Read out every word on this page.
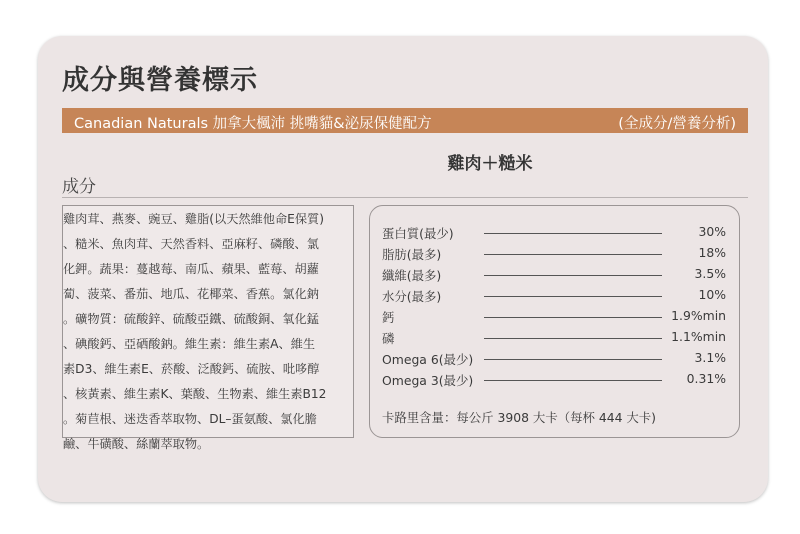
成分與營養標示
Canadian Naturals 加拿大楓沛 挑嘴貓&泌尿保健配方	(全成分/營養分析)
雞肉＋糙米
成分
雞肉茸、燕麥、豌豆、雞脂(以天然維他命E保質)
、糙米、魚肉茸、天然香料、亞麻籽、磷酸、氯
化鉀。蔬果：蔓越莓、南瓜、蘋果、藍莓、胡蘿
蔔、菠菜、番茄、地瓜、花椰菜、香蕉。氯化鈉
。礦物質：硫酸鋅、硫酸亞鐵、硫酸銅、氧化錳
、碘酸鈣、亞硒酸鈉。維生素：維生素A、維生
素D3、維生素E、菸酸、泛酸鈣、硫胺、吡哆醇
、核黃素、維生素K、葉酸、生物素、維生素B12
。菊苣根、迷迭香萃取物、DL–蛋氨酸、氯化膽
鹼、牛磺酸、絲蘭萃取物。
蛋白質(最少)	30%
脂肪(最多)	18%
纖維(最多)	3.5%
水分(最多)	10%
鈣	1.9%min
磷	1.1%min
Omega 6(最少)	3.1%
Omega 3(最少)	0.31%
卡路里含量：每公斤 3908 大卡（每杯 444 大卡)
